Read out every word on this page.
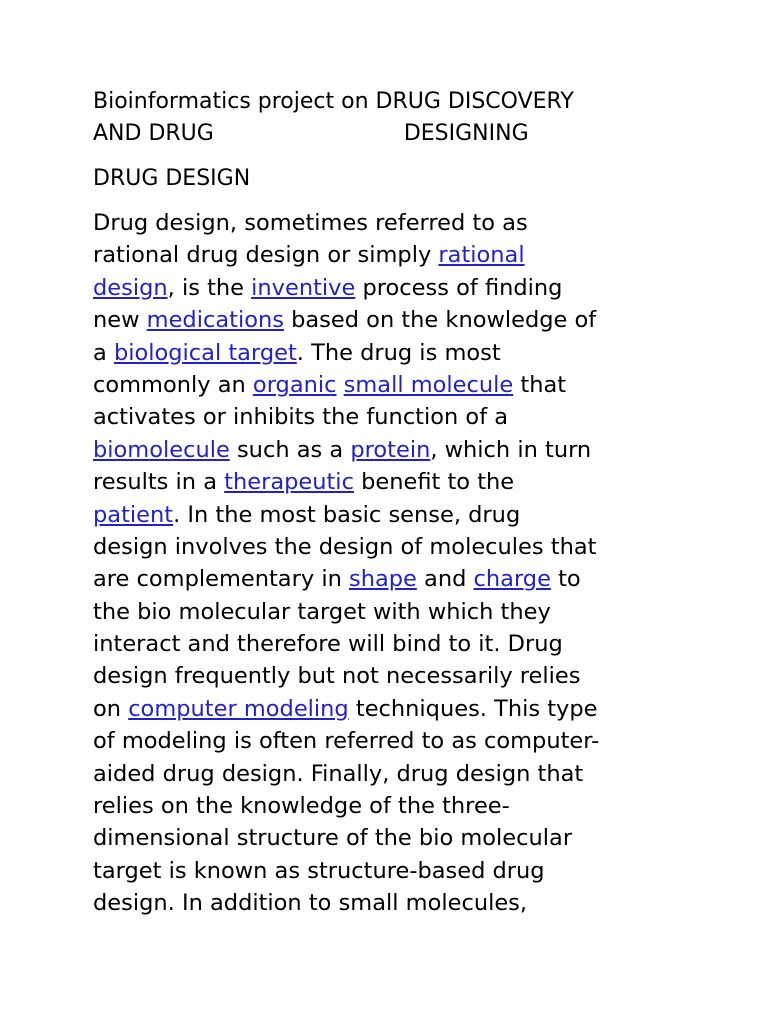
Bioinformatics project on DRUG DISCOVERY
AND DRUG	DESIGNING
DRUG DESIGN
Drug design, sometimes referred to as
rational drug design or simply rational
design, is the inventive process of finding
new medications based on the knowledge of
a biological target. The drug is most
commonly an organic small molecule that
activates or inhibits the function of a
biomolecule such as a protein, which in turn
results in a therapeutic benefit to the
patient. In the most basic sense, drug
design involves the design of molecules that
are complementary in shape and charge to
the bio molecular target with which they
interact and therefore will bind to it. Drug
design frequently but not necessarily relies
on computer modeling techniques. This type
of modeling is often referred to as computer-
aided drug design. Finally, drug design that
relies on the knowledge of the three-
dimensional structure of the bio molecular
target is known as structure-based drug
design. In addition to small molecules,
